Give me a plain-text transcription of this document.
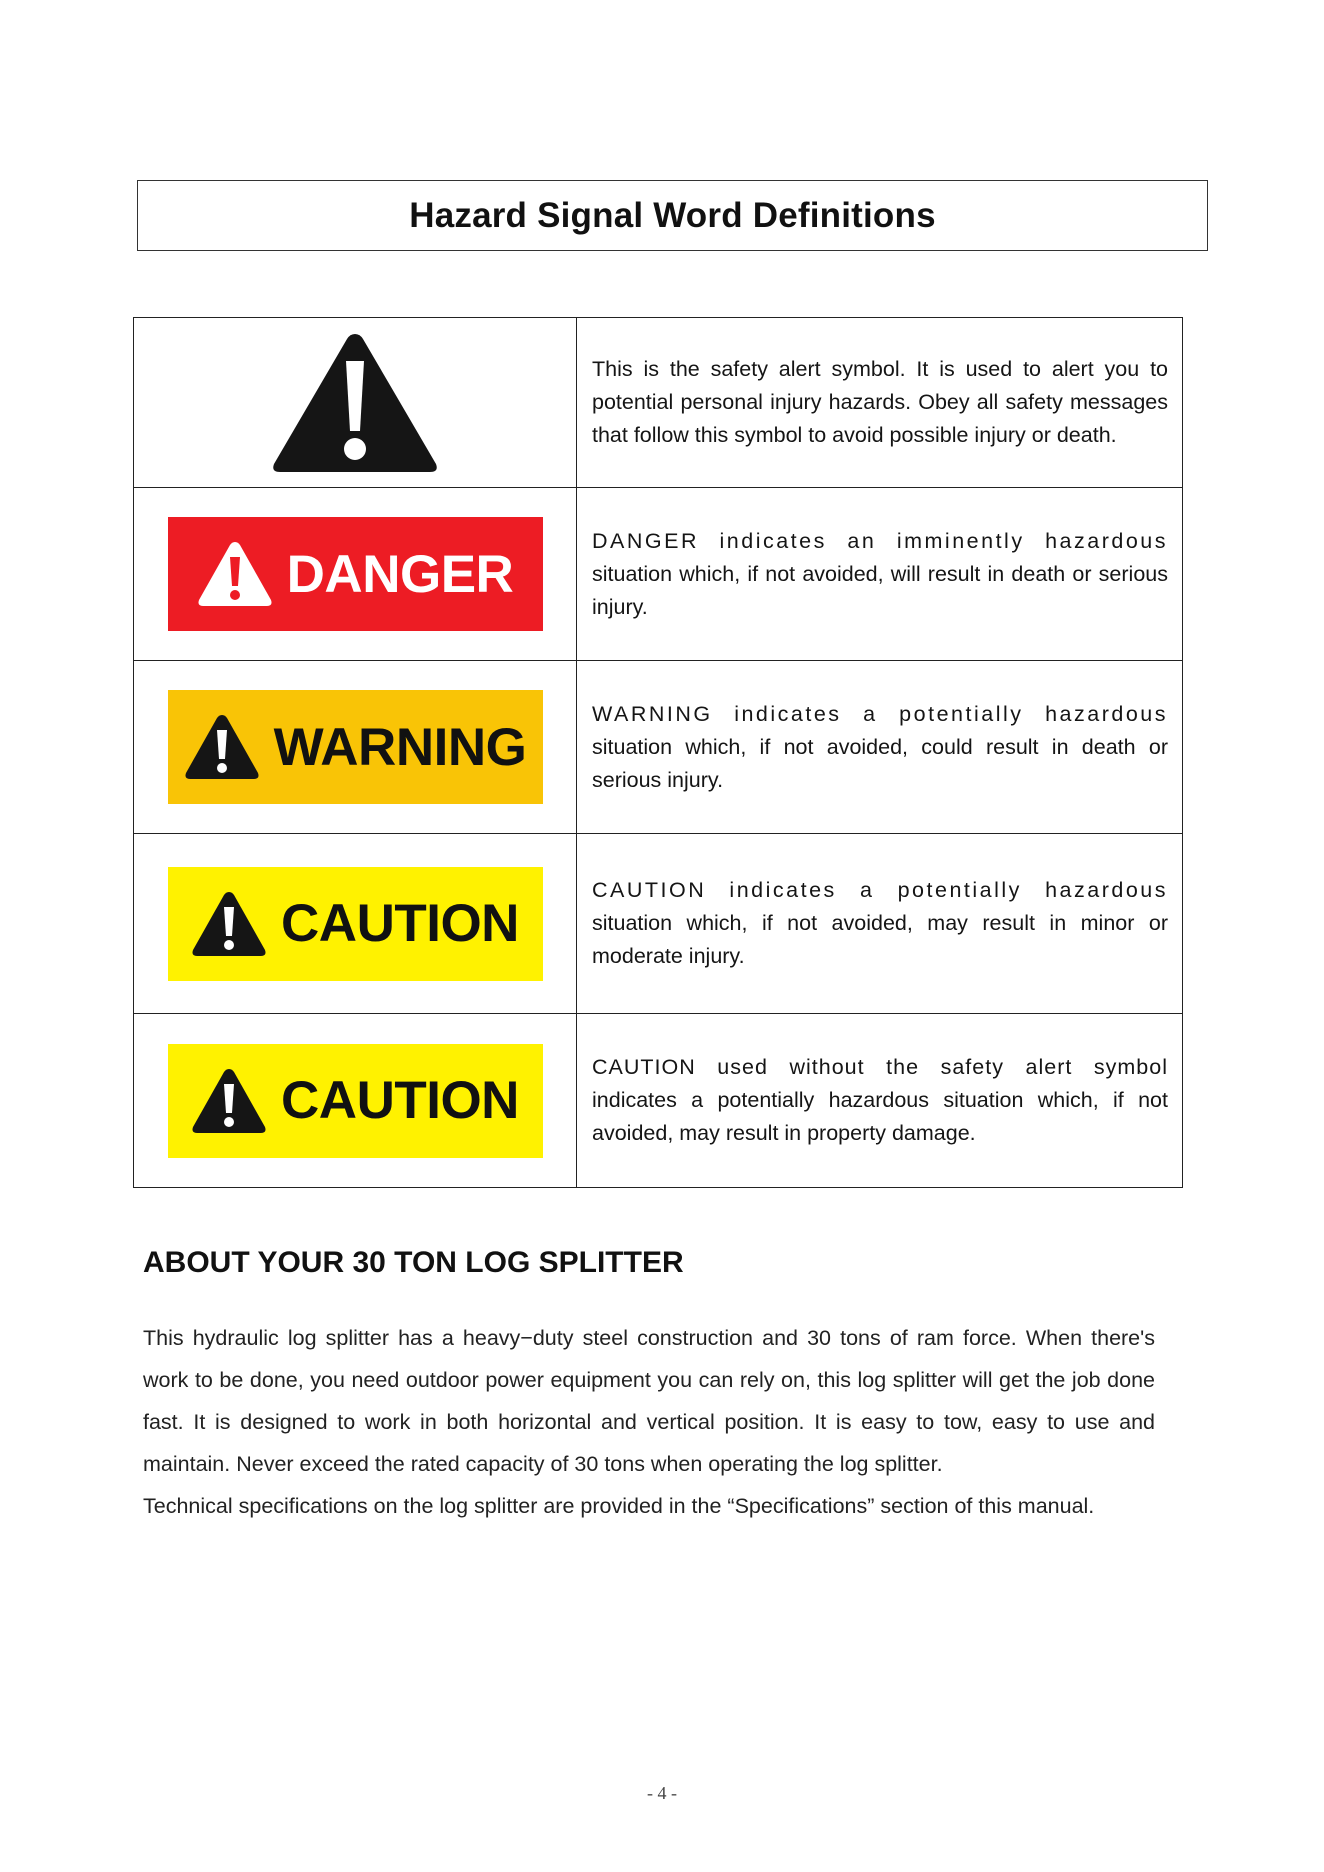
Hazard Signal Word Definitions
	This is the safety alert symbol. It is used to alert you to potential personal injury hazards. Obey all safety messages that follow this symbol to avoid possible injury or death.

DANGER	DANGER indicates an imminently hazardous situation which, if not avoided, will result in death or serious injury.

WARNING	WARNING indicates a potentially hazardous situation which, if not avoided, could result in death or serious injury.

CAUTION	CAUTION indicates a potentially hazardous situation which, if not avoided, may result in minor or moderate injury.

CAUTION	CAUTION used without the safety alert symbol indicates a potentially hazardous situation which, if not avoided, may result in property damage.
ABOUT YOUR 30 TON LOG SPLITTER

This hydraulic log splitter has a heavy−duty steel construction and 30 tons of ram force. When there's work to be done, you need outdoor power equipment you can rely on, this log splitter will get the job done fast. It is designed to work in both horizontal and vertical position. It is easy to tow, easy to use and maintain. Never exceed the rated capacity of 30 tons when operating the log splitter.

Technical specifications on the log splitter are provided in the “Specifications” section of this manual.

- 4 -
